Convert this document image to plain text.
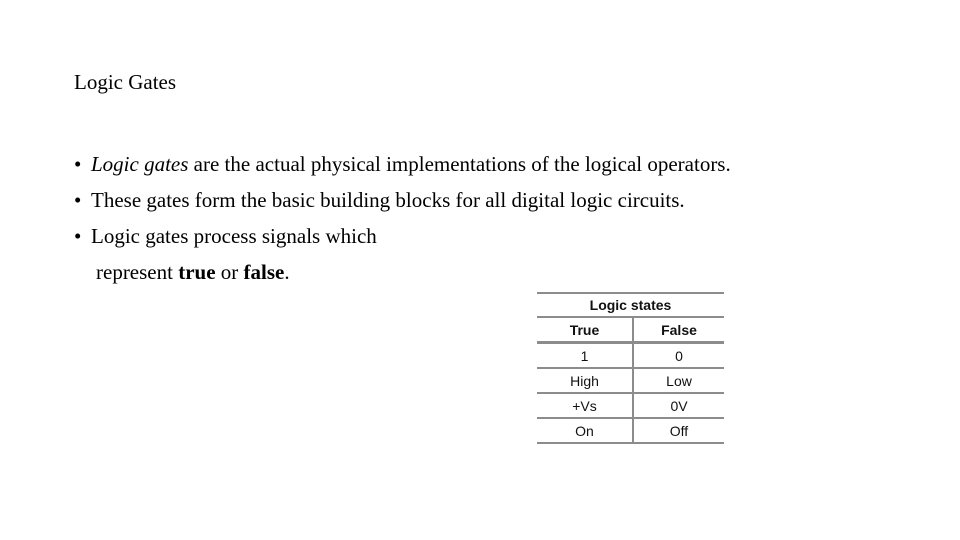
Logic Gates
• Logic gates are the actual physical implementations of the logical operators.
• These gates form the basic building blocks for all digital logic circuits.
• Logic gates process signals which
represent true or false.
Logic states	
True	False
1	0
High	Low
+Vs	0V
On	Off
